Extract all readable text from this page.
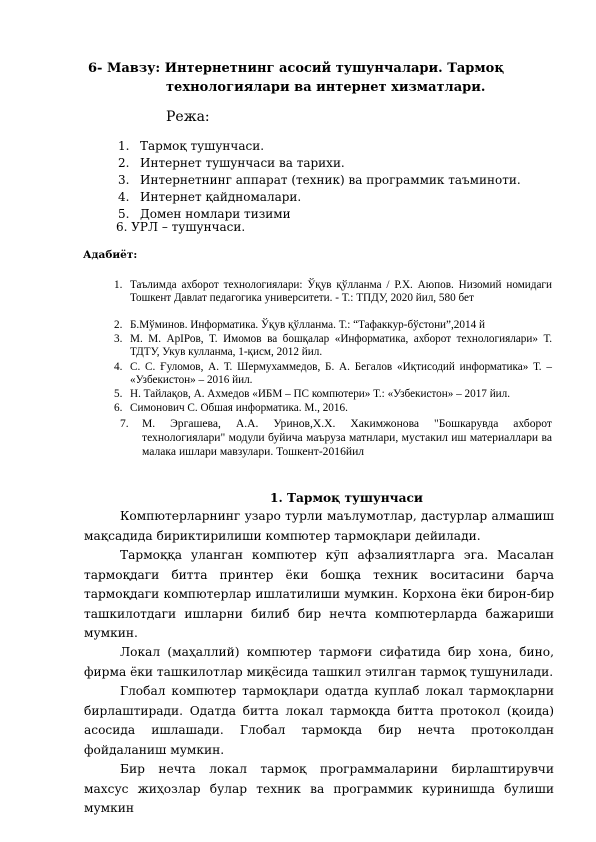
6- Мавзу: Интернетнинг асосий тушунчалари. Тармоқ
технологиялари ва интернет хизматлари.
Режа:
1. Тармоқ тушунчаси.
2. Интернет тушунчаси ва тарихи.
3. Интернетнинг аппарат (техник) ва программик таъминоти.
4. Интернет қайдномалари.
5. Домен номлари тизими
6. УРЛ – тушунчаси.
Адабиёт:
1. Таълимда ахборот технологиялари: Ўқув қўлланма / Р.Х. Аюпов. Низомий номидаги Тошкент Давлат педагогика университети. - Т.: ТПДУ, 2020 йил, 580 бет
2. Б.Мўминов. Информатика. Ўқув қўлланма. Т.: “Тафаккур-бўстони”,2014 й
3. М. М. АрІРов, Т. Имомов ва бошқалар «Информатика, ахборот технологиялари» Т. ТДТУ, Укув кулланма, 1-қисм, 2012 йил.
4. С. С. Ғуломов, А. Т. Шермухаммедов, Б. А. Бегалов «Иқтисодий информатика» Т. – «Узбекистон» – 2016 йил.
5. Н. Тайлақов, А. Ахмедов «ИБМ – ПС компютери» Т.: «Узбекистон» – 2017 йил.
6. Симонович С. Обшая информатика. М., 2016.
7. М. Эргашева, А.А. Уринов,Х.Х. Хакимжонова "Бошкарувда ахборот технологиялари" модули буйича маъруза матнлари, мустакил иш материаллари ва малака ишлари мавзулари. Тошкент-2016йил
1. Тармоқ тушунчаси
Компютерларнинг узаро турли маълумотлар, дастурлар алмашиш мақсадида бириктирилиши компютер тармоқлари дейилади.
Тармоққа уланган компютер кўп афзалиятларга эга. Масалан тармоқдаги битта принтер ёки бошқа техник воситасини барча тармоқдаги компютерлар ишлатилиши мумкин. Корхона ёки бирон-бир ташкилотдаги ишларни билиб бир нечта компютерларда бажариши мумкин.
Локал (маҳаллий) компютер тармоғи сифатида бир хона, бино, фирма ёки ташкилотлар миқёсида ташкил этилган тармоқ тушунилади.
Глобал компютер тармоқлари одатда куплаб локал тармоқларни бирлаштиради. Одатда битта локал тармоқда битта протокол (қоида) асосида ишлашади. Глобал тармоқда бир нечта протоколдан фойдаланиш мумкин.
Бир нечта локал тармоқ программаларини бирлаштирувчи махсус жиҳозлар булар техник ва программик куринишда булиши мумкин
